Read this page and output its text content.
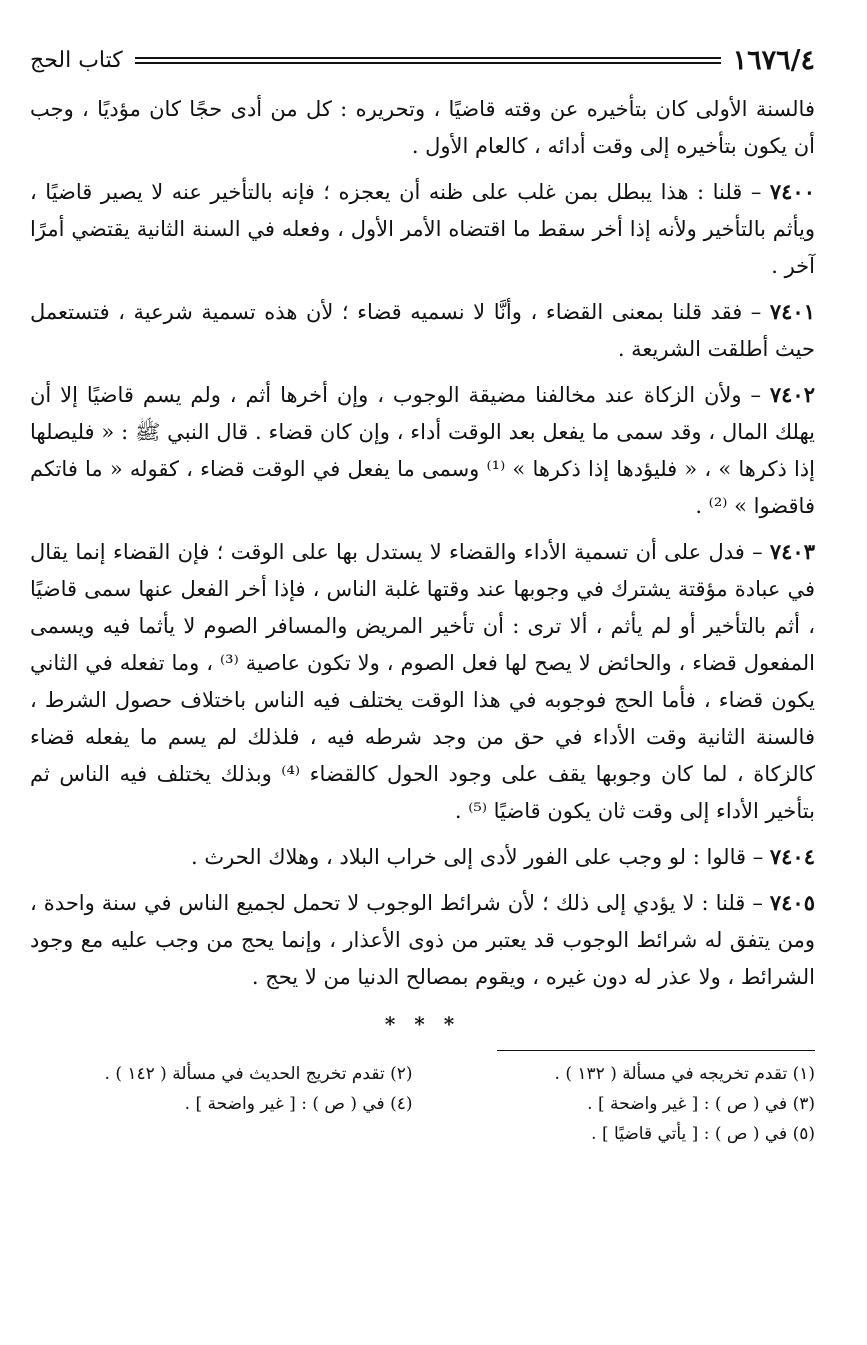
١٦٧٦/٤
كتاب الحج

فالسنة الأولى كان بتأخيره عن وقته قاضيًا ، وتحريره : كل من أدى حجًا كان مؤديًا ، وجب أن يكون بتأخيره إلى وقت أدائه ، كالعام الأول .

٧٤٠٠ – قلنا : هذا يبطل بمن غلب على ظنه أن يعجزه ؛ فإنه بالتأخير عنه لا يصير قاضيًا ، ويأثم بالتأخير ولأنه إذا أخر سقط ما اقتضاه الأمر الأول ، وفعله في السنة الثانية يقتضي أمرًا آخر .

٧٤٠١ – فقد قلنا بمعنى القضاء ، وأنَّا لا نسميه قضاء ؛ لأن هذه تسمية شرعية ، فتستعمل حيث أطلقت الشريعة .

٧٤٠٢ – ولأن الزكاة عند مخالفنا مضيقة الوجوب ، وإن أخرها أثم ، ولم يسم قاضيًا إلا أن يهلك المال ، وقد سمى ما يفعل بعد الوقت أداء ، وإن كان قضاء . قال النبي ﷺ : « فليصلها إذا ذكرها » ، « فليؤدها إذا ذكرها » ⁽¹⁾ وسمى ما يفعل في الوقت قضاء ، كقوله « ما فاتكم فاقضوا » ⁽²⁾ .

٧٤٠٣ – فدل على أن تسمية الأداء والقضاء لا يستدل بها على الوقت ؛ فإن القضاء إنما يقال في عبادة مؤقتة يشترك في وجوبها عند وقتها غلبة الناس ، فإذا أخر الفعل عنها سمى قاضيًا ، أثم بالتأخير أو لم يأثم ، ألا ترى : أن تأخير المريض والمسافر الصوم لا يأثما فيه ويسمى المفعول قضاء ، والحائض لا يصح لها فعل الصوم ، ولا تكون عاصية ⁽³⁾ ، وما تفعله في الثاني يكون قضاء ، فأما الحج فوجوبه في هذا الوقت يختلف فيه الناس باختلاف حصول الشرط ، فالسنة الثانية وقت الأداء في حق من وجد شرطه فيه ، فلذلك لم يسم ما يفعله قضاء كالزكاة ، لما كان وجوبها يقف على وجود الحول كالقضاء ⁽⁴⁾ وبذلك يختلف فيه الناس ثم بتأخير الأداء إلى وقت ثان يكون قاضيًا ⁽⁵⁾ .

٧٤٠٤ – قالوا : لو وجب على الفور لأدى إلى خراب البلاد ، وهلاك الحرث .

٧٤٠٥ – قلنا : لا يؤدي إلى ذلك ؛ لأن شرائط الوجوب لا تحمل لجميع الناس في سنة واحدة ، ومن يتفق له شرائط الوجوب قد يعتبر من ذوى الأعذار ، وإنما يحج من وجب عليه مع وجود الشرائط ، ولا عذر له دون غيره ، ويقوم بمصالح الدنيا من لا يحج .

* * *
(١) تقدم تخريجه في مسألة ( ١٣٢ ) .
(٢) تقدم تخريج الحديث في مسألة ( ١٤٢ ) .
(٣) في ( ص ) : [ غير واضحة ] .
(٤) في ( ص ) : [ غير واضحة ] .
(٥) في ( ص ) : [ يأتي قاضيًا ] .
